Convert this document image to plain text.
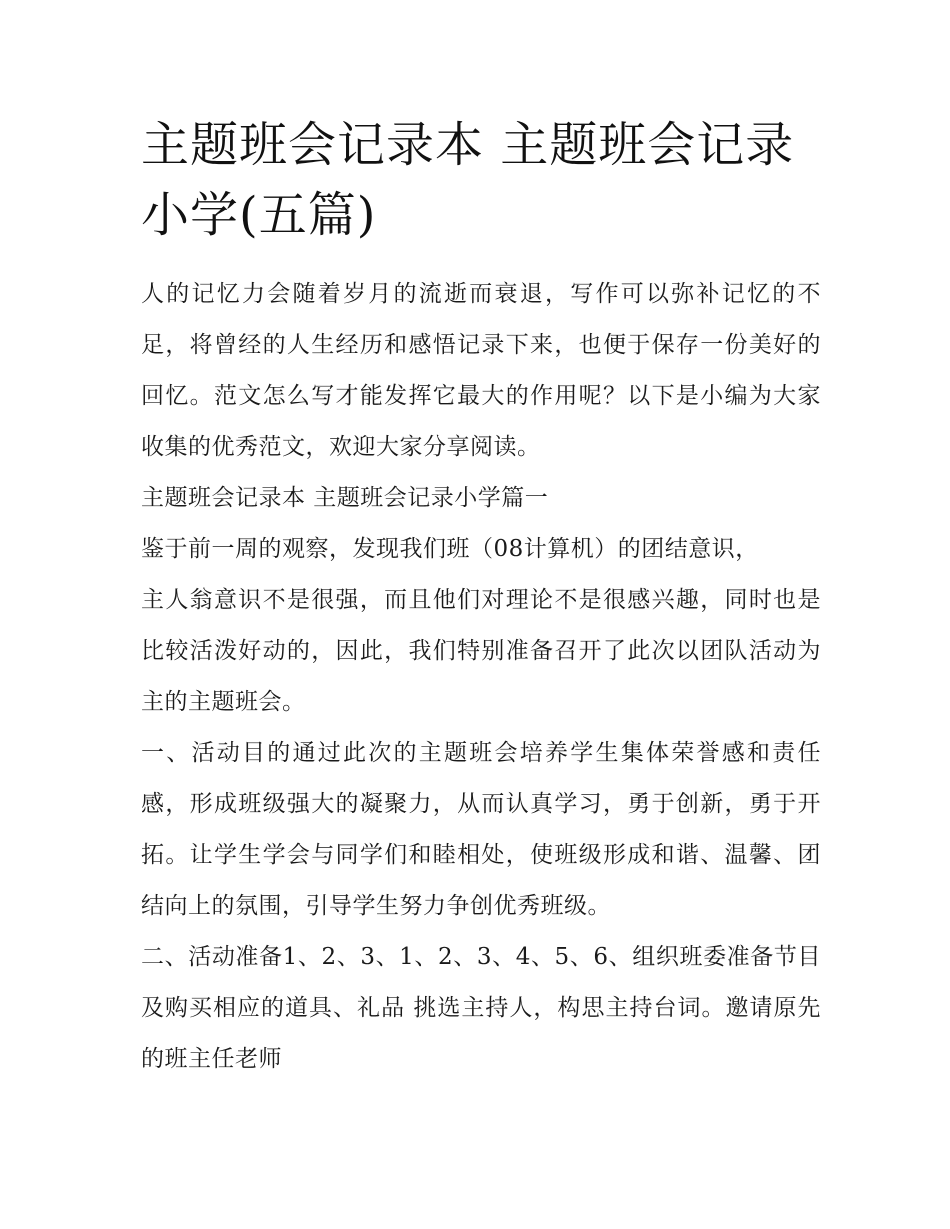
主题班会记录本 主题班会记录小学(五篇)

人的记忆力会随着岁月的流逝而衰退，写作可以弥补记忆的不足，将曾经的人生经历和感悟记录下来，也便于保存一份美好的回忆。范文怎么写才能发挥它最大的作用呢？以下是小编为大家收集的优秀范文，欢迎大家分享阅读。

主题班会记录本 主题班会记录小学篇一

鉴于前一周的观察，发现我们班（08计算机）的团结意识，

主人翁意识不是很强，而且他们对理论不是很感兴趣，同时也是比较活泼好动的，因此，我们特别准备召开了此次以团队活动为主的主题班会。

一、活动目的通过此次的主题班会培养学生集体荣誉感和责任感，形成班级强大的凝聚力，从而认真学习，勇于创新，勇于开拓。让学生学会与同学们和睦相处，使班级形成和谐、温馨、团结向上的氛围，引导学生努力争创优秀班级。

二、活动准备1、2、3、1、2、3、4、5、6、组织班委准备节目及购买相应的道具、礼品 挑选主持人，构思主持台词。邀请原先的班主任老师
